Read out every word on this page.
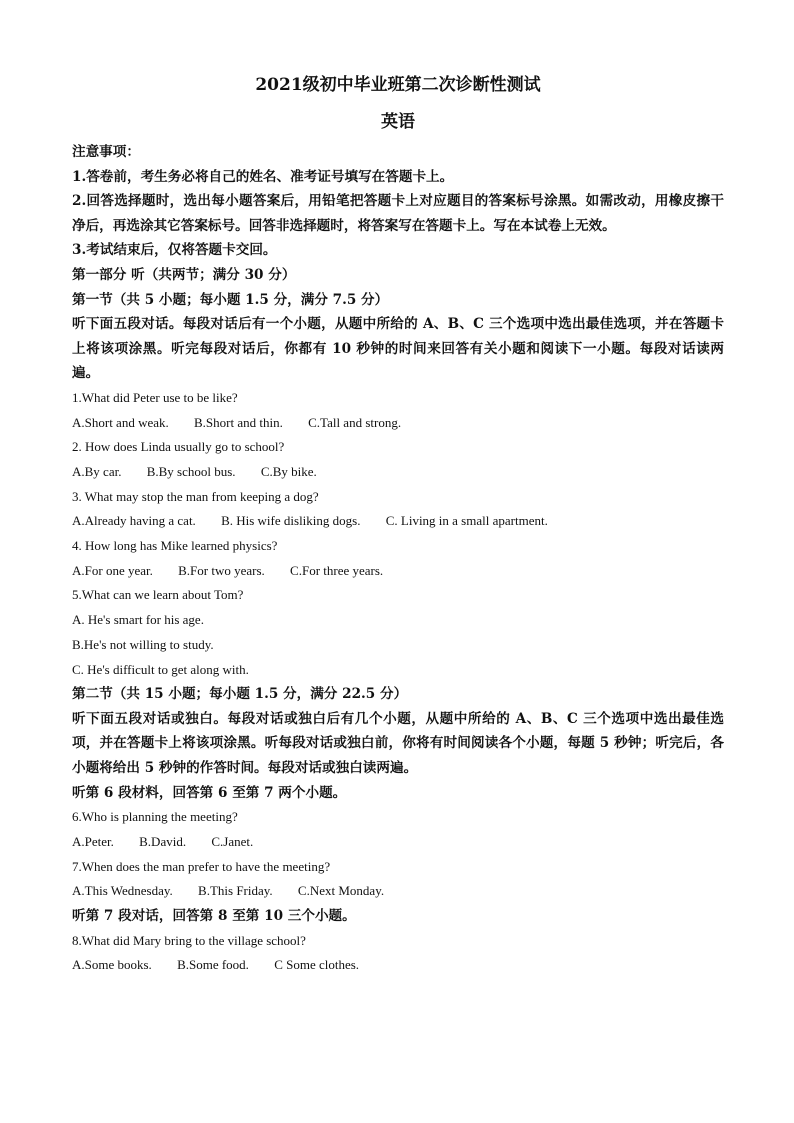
2021级初中毕业班第二次诊断性测试
英语
注意事项：
1.答卷前，考生务必将自己的姓名、准考证号填写在答题卡上。
2.回答选择题时，选出每小题答案后，用铅笔把答题卡上对应题目的答案标号涂黑。如需改动，用橡皮擦干净后，再选涂其它答案标号。回答非选择题时，将答案写在答题卡上。写在本试卷上无效。
3.考试结束后，仅将答题卡交回。
第一部分 听（共两节；满分 30 分）
第一节（共 5 小题；每小题 1.5 分，满分 7.5 分）
听下面五段对话。每段对话后有一个小题，从题中所给的 A、B、C 三个选项中选出最佳选项，并在答题卡上将该项涂黑。听完每段对话后，你都有 10 秒钟的时间来回答有关小题和阅读下一小题。每段对话读两遍。
1.What did Peter use to be like?
A.Short and weak. B.Short and thin. C.Tall and strong.
2. How does Linda usually go to school?
A.By car. B.By school bus. C.By bike.
3. What may stop the man from keeping a dog?
A.Already having a cat. B. His wife disliking dogs. C. Living in a small apartment.
4. How long has Mike learned physics?
A.For one year. B.For two years. C.For three years.
5.What can we learn about Tom?
A. He's smart for his age.
B.He's not willing to study.
C. He's difficult to get along with.
第二节（共 15 小题；每小题 1.5 分，满分 22.5 分）
听下面五段对话或独白。每段对话或独白后有几个小题，从题中所给的 A、B、C 三个选项中选出最佳选项，并在答题卡上将该项涂黑。听每段对话或独白前，你将有时间阅读各个小题，每题 5 秒钟；听完后，各小题将给出 5 秒钟的作答时间。每段对话或独白读两遍。
听第 6 段材料，回答第 6 至第 7 两个小题。
6.Who is planning the meeting?
A.Peter. B.David. C.Janet.
7.When does the man prefer to have the meeting?
A.This Wednesday. B.This Friday. C.Next Monday.
听第 7 段对话，回答第 8 至第 10 三个小题。
8.What did Mary bring to the village school?
A.Some books. B.Some food. C Some clothes.
